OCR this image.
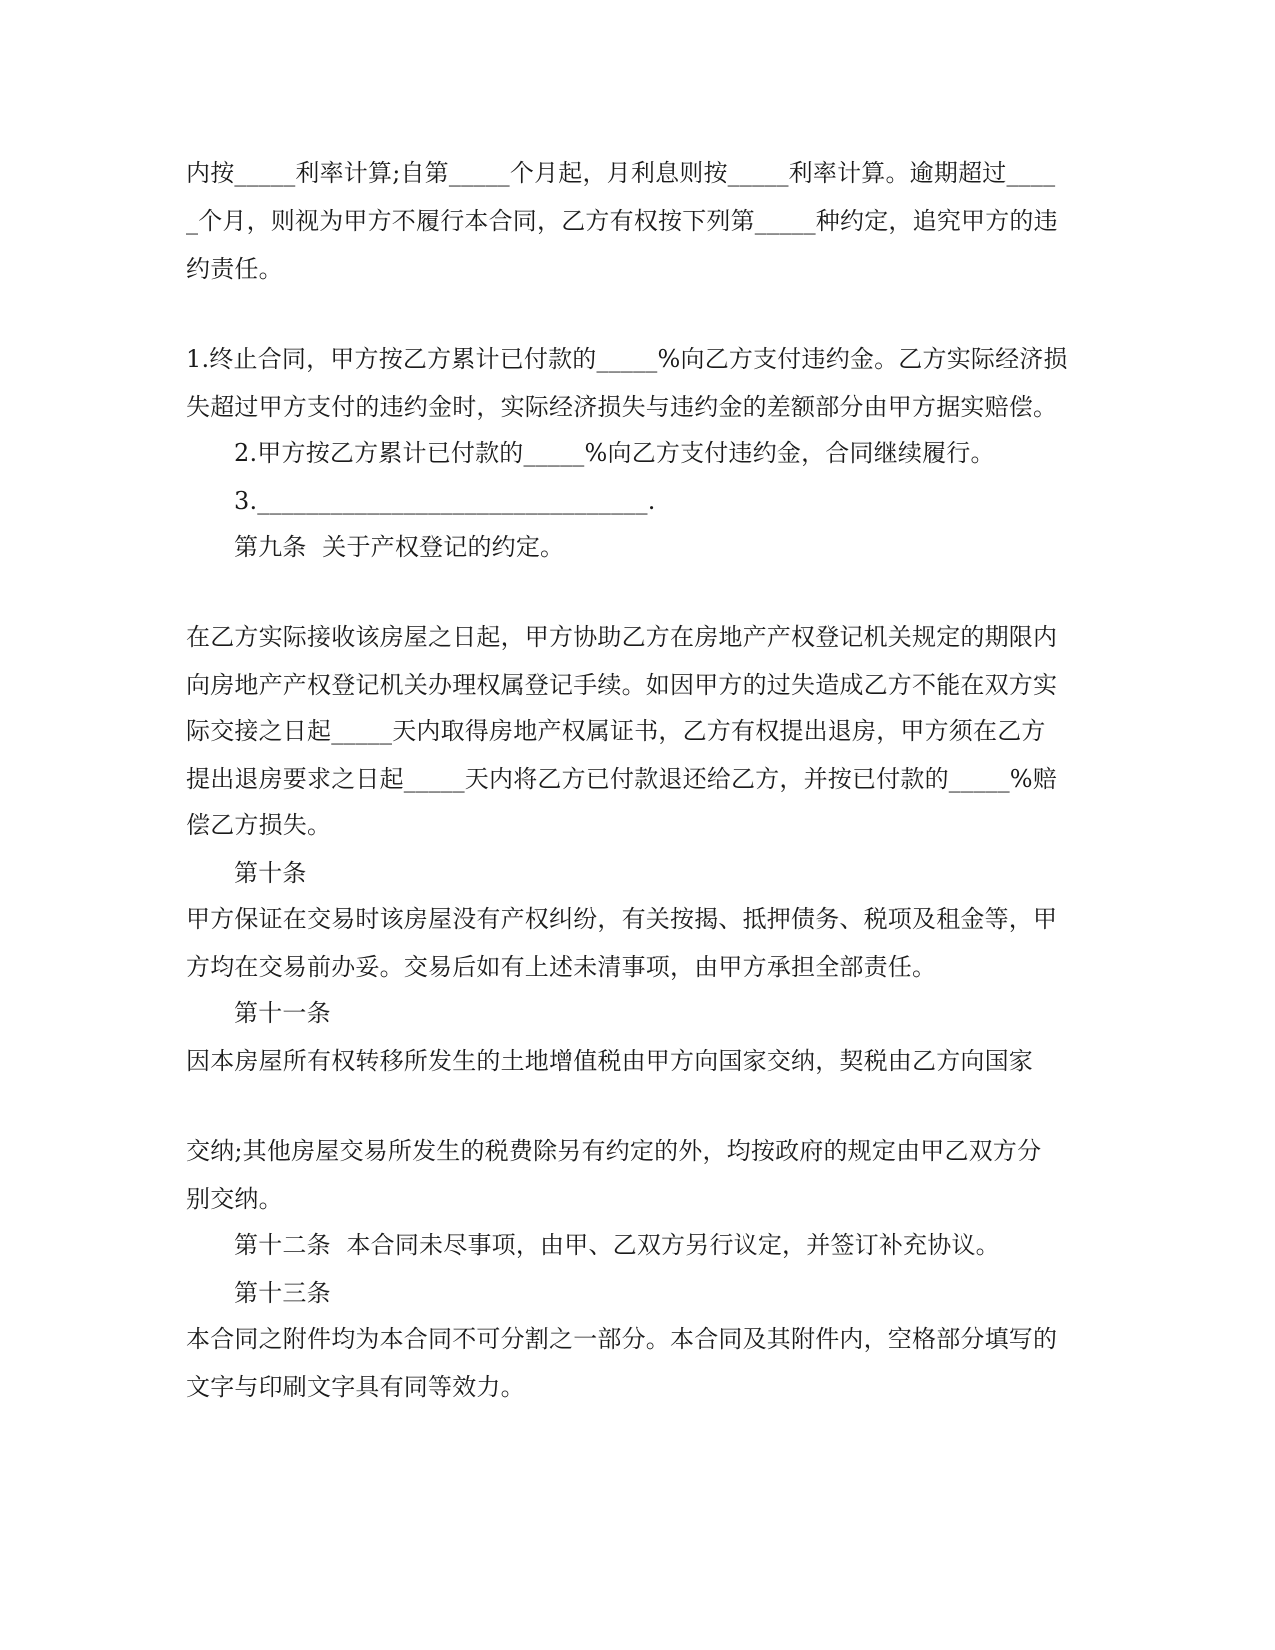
内按_____利率计算;自第_____个月起，月利息则按_____利率计算。逾期超过____
_个月，则视为甲方不履行本合同，乙方有权按下列第_____种约定，追究甲方的违
约责任。
1.终止合同，甲方按乙方累计已付款的_____%向乙方支付违约金。乙方实际经济损
失超过甲方支付的违约金时，实际经济损失与违约金的差额部分由甲方据实赔偿。
2.甲方按乙方累计已付款的_____%向乙方支付违约金，合同继续履行。
3.________________________________.
第九条  关于产权登记的约定。
在乙方实际接收该房屋之日起，甲方协助乙方在房地产产权登记机关规定的期限内
向房地产产权登记机关办理权属登记手续。如因甲方的过失造成乙方不能在双方实
际交接之日起_____天内取得房地产权属证书，乙方有权提出退房，甲方须在乙方
提出退房要求之日起_____天内将乙方已付款退还给乙方，并按已付款的_____%赔
偿乙方损失。
第十条
甲方保证在交易时该房屋没有产权纠纷，有关按揭、抵押债务、税项及租金等，甲
方均在交易前办妥。交易后如有上述未清事项，由甲方承担全部责任。
第十一条
因本房屋所有权转移所发生的土地增值税由甲方向国家交纳，契税由乙方向国家
交纳;其他房屋交易所发生的税费除另有约定的外，均按政府的规定由甲乙双方分
别交纳。
第十二条  本合同未尽事项，由甲、乙双方另行议定，并签订补充协议。
第十三条
本合同之附件均为本合同不可分割之一部分。本合同及其附件内，空格部分填写的
文字与印刷文字具有同等效力。
